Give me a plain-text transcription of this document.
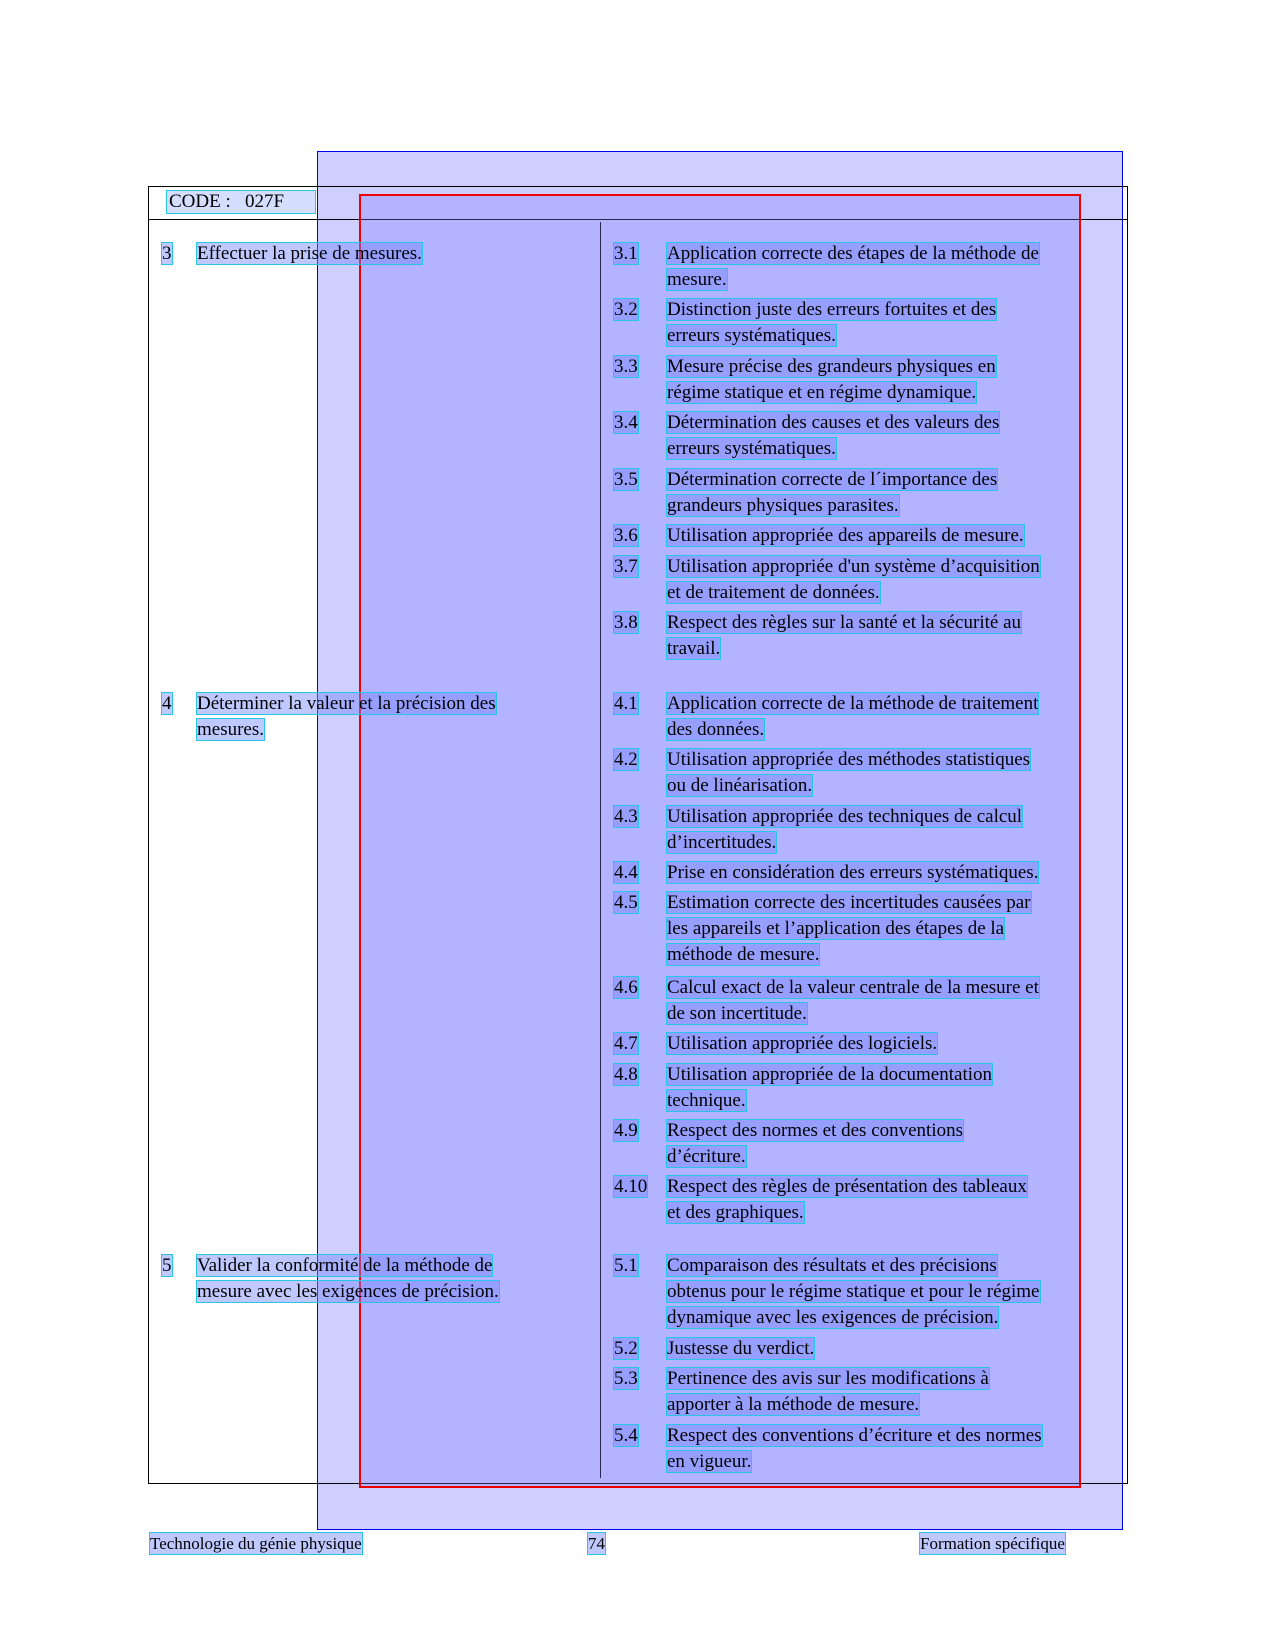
CODE : 027F
3 Effectuer la prise de mesures.
4 Déterminer la valeur et la précision des
mesures.
5 Valider la conformité de la méthode de
mesure avec les exigences de précision.
3.1 Application correcte des étapes de la méthode de
mesure.
3.2 Distinction juste des erreurs fortuites et des
erreurs systématiques.
3.3 Mesure précise des grandeurs physiques en
régime statique et en régime dynamique.
3.4 Détermination des causes et des valeurs des
erreurs systématiques.
3.5 Détermination correcte de l´importance des
grandeurs physiques parasites.
3.6 Utilisation appropriée des appareils de mesure.
3.7 Utilisation appropriée d'un système d’acquisition
et de traitement de données.
3.8 Respect des règles sur la santé et la sécurité au
travail.
4.1 Application correcte de la méthode de traitement
des données.
4.2 Utilisation appropriée des méthodes statistiques
ou de linéarisation.
4.3 Utilisation appropriée des techniques de calcul
d’incertitudes.
4.4 Prise en considération des erreurs systématiques.
4.5 Estimation correcte des incertitudes causées par
les appareils et l’application des étapes de la
méthode de mesure.
4.6 Calcul exact de la valeur centrale de la mesure et
de son incertitude.
4.7 Utilisation appropriée des logiciels.
4.8 Utilisation appropriée de la documentation
technique.
4.9 Respect des normes et des conventions
d’écriture.
4.10 Respect des règles de présentation des tableaux
et des graphiques.
5.1 Comparaison des résultats et des précisions
obtenus pour le régime statique et pour le régime
dynamique avec les exigences de précision.
5.2 Justesse du verdict.
5.3 Pertinence des avis sur les modifications à
apporter à la méthode de mesure.
5.4 Respect des conventions d’écriture et des normes
en vigueur.
Technologie du génie physique	74	Formation spécifique
